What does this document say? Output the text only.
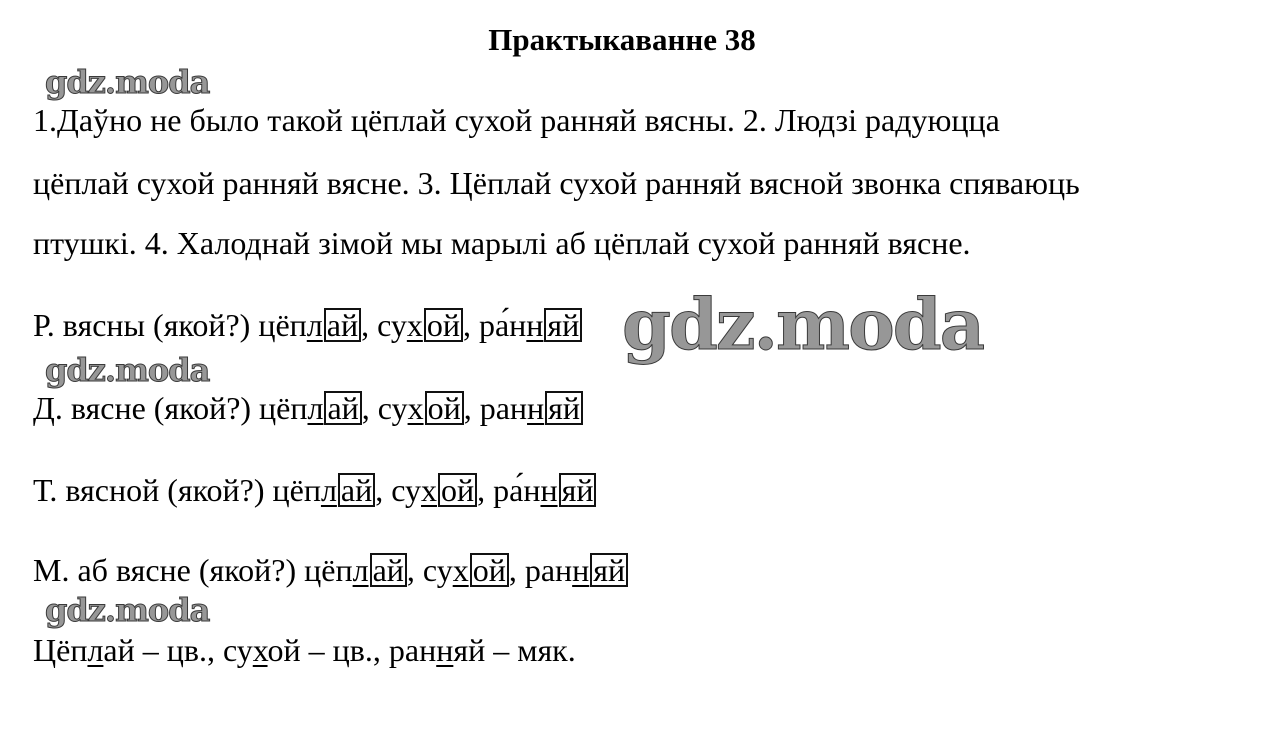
Практыкаванне 38
gdz.moda
gdz.moda
gdz.moda
1.Даўно не было такой цёплай сухой ранняй вясны. 2. Людзі радуюцца
цёплай сухой ранняй вясне. 3. Цёплай сухой ранняй вясной звонка спяваюць
птушкі. 4. Халоднай зімой мы марылі аб цёплай сухой ранняй вясне.
Р. вясны (якой?) цёпл ай, сух ой, ра́нн яй
Д. вясне (якой?) цёпл ай, сух ой, ранн яй
Т. вясной (якой?) цёпл ай, сух ой, ра́нн яй
М. аб вясне (якой?) цёпл ай, сух ой, ранн яй
Цёплай – цв., сухой – цв., ранняй – мяк.
gdz.moda
